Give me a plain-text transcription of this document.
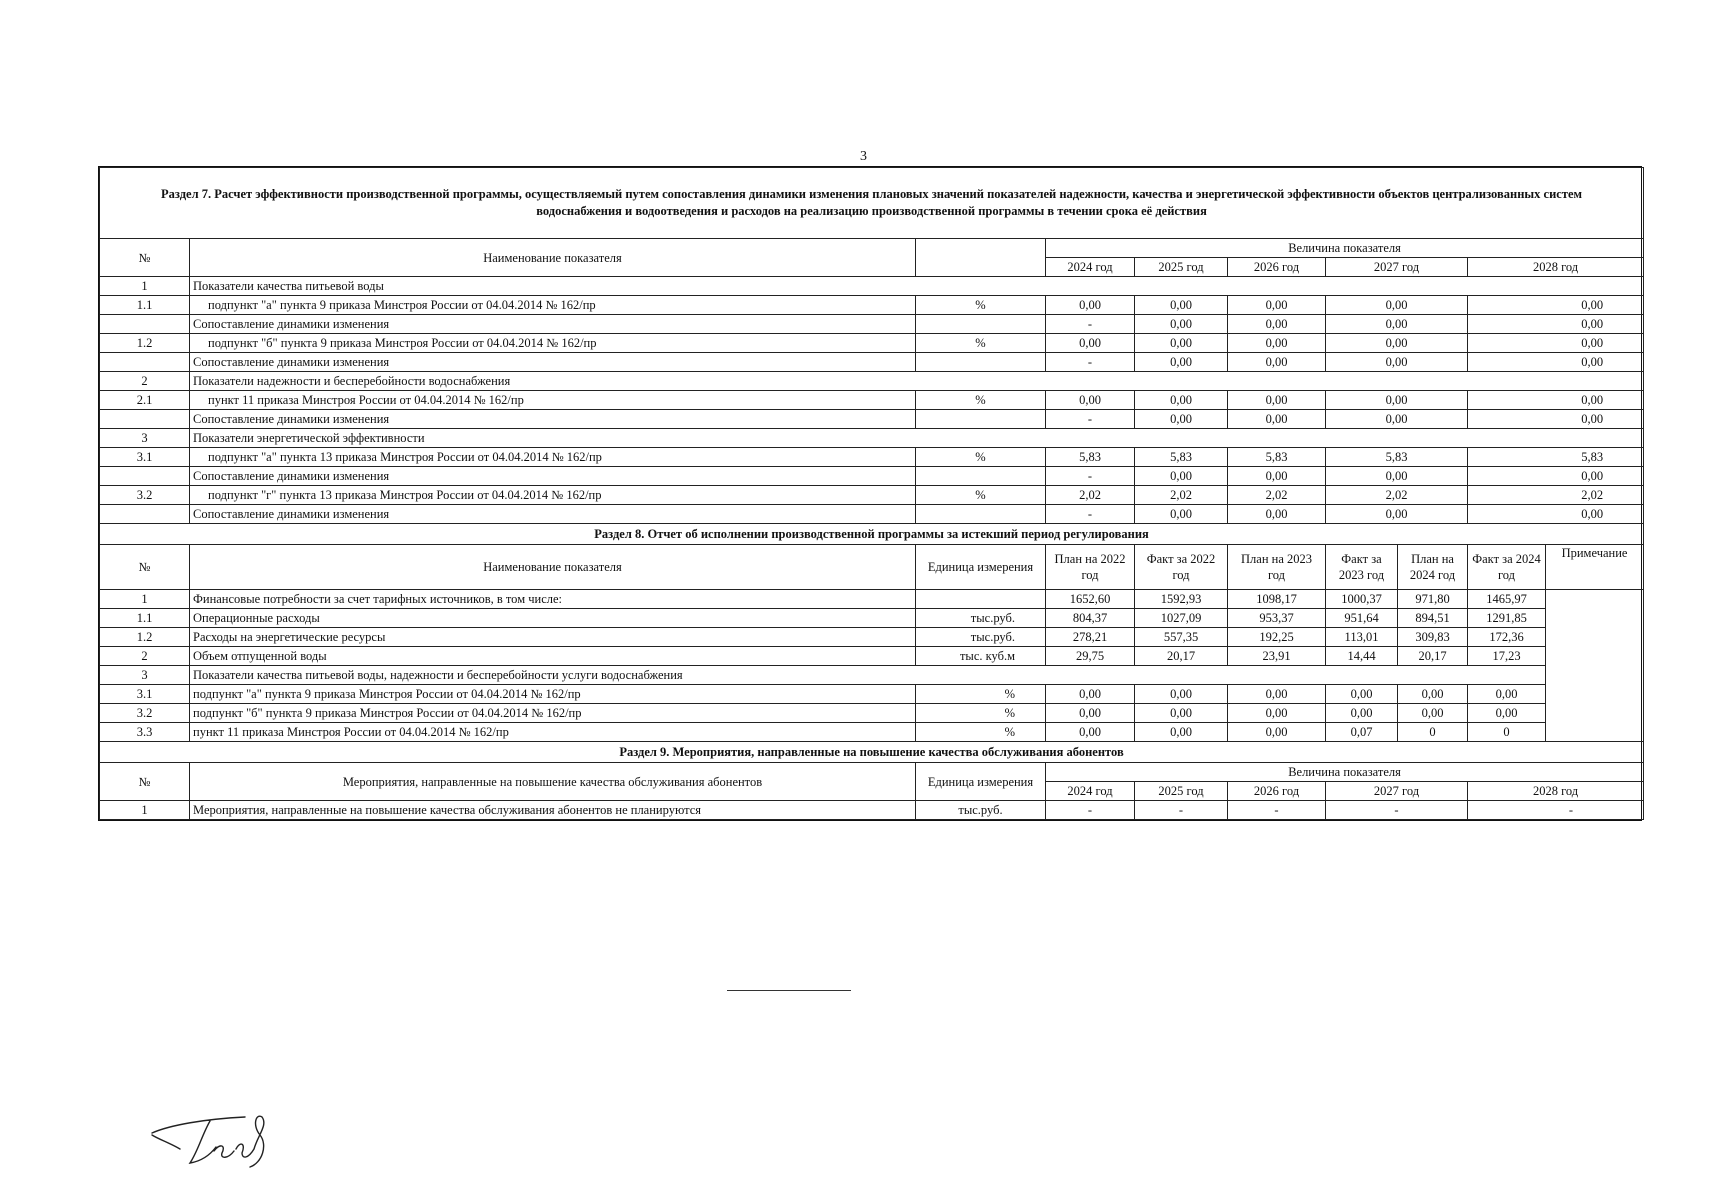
3
Раздел 7. Расчет эффективности производственной программы, осуществляемый путем сопоставления динамики изменения плановых значений показателей надежности, качества и энергетической эффективности объектов централизованных систем водоснабжения и водоотведения и расходов на реализацию производственной программы в течении срока её действия									
№	Наименование показателя		Величина показателя						
			2024 год	2025 год	2026 год	2027 год		2028 год	
1	Показатели качества питьевой воды								
1.1	подпункт "а" пункта 9 приказа Минстроя России от 04.04.2014 № 162/пр	%	0,00	0,00	0,00	0,00		0,00	
	Сопоставление динамики изменения		-	0,00	0,00	0,00		0,00	
1.2	подпункт "б" пункта 9 приказа Минстроя России от 04.04.2014 № 162/пр	%	0,00	0,00	0,00	0,00		0,00	
	Сопоставление динамики изменения		-	0,00	0,00	0,00		0,00	
2	Показатели надежности и бесперебойности водоснабжения								
2.1	пункт 11 приказа Минстроя России от 04.04.2014 № 162/пр	%	0,00	0,00	0,00	0,00		0,00	
	Сопоставление динамики изменения		-	0,00	0,00	0,00		0,00	
3	Показатели энергетической эффективности								
3.1	подпункт "а" пункта 13 приказа Минстроя России от 04.04.2014 № 162/пр	%	5,83	5,83	5,83	5,83		5,83	
	Сопоставление динамики изменения		-	0,00	0,00	0,00		0,00	
3.2	подпункт "г" пункта 13 приказа Минстроя России от 04.04.2014 № 162/пр	%	2,02	2,02	2,02	2,02		2,02	
	Сопоставление динамики изменения		-	0,00	0,00	0,00		0,00	
Раздел 8. Отчет об исполнении производственной программы за истекший период регулирования									
№	Наименование показателя	Единица измерения	План на 2022 год	Факт за 2022 год	План на 2023 год	Факт за 2023 год	План на 2024 год	Факт за 2024 год	Примечание
1	Финансовые потребности за счет тарифных источников, в том числе:		1652,60	1592,93	1098,17	1000,37	971,80	1465,97	
1.1	Операционные расходы	тыс.руб.	804,37	1027,09	953,37	951,64	894,51	1291,85	
1.2	Расходы на энергетические ресурсы	тыс.руб.	278,21	557,35	192,25	113,01	309,83	172,36	
2	Объем отпущенной воды	тыс. куб.м	29,75	20,17	23,91	14,44	20,17	17,23	
3	Показатели качества питьевой воды, надежности и бесперебойности услуги водоснабжения								
3.1	подпункт "а" пункта 9 приказа Минстроя России от 04.04.2014 № 162/пр	%	0,00	0,00	0,00	0,00	0,00	0,00	
3.2	подпункт "б" пункта 9 приказа Минстроя России от 04.04.2014 № 162/пр	%	0,00	0,00	0,00	0,00	0,00	0,00	
3.3	пункт 11 приказа Минстроя России от 04.04.2014 № 162/пр	%	0,00	0,00	0,00	0,07	0	0	
Раздел 9. Мероприятия, направленные на повышение качества обслуживания абонентов									
№	Мероприятия, направленные на повышение качества обслуживания абонентов	Единица измерения	Величина показателя						
			2024 год	2025 год	2026 год	2027 год		2028 год	
1	Мероприятия, направленные на повышение качества обслуживания абонентов не планируются	тыс.руб.	-	-	-	-		-	
